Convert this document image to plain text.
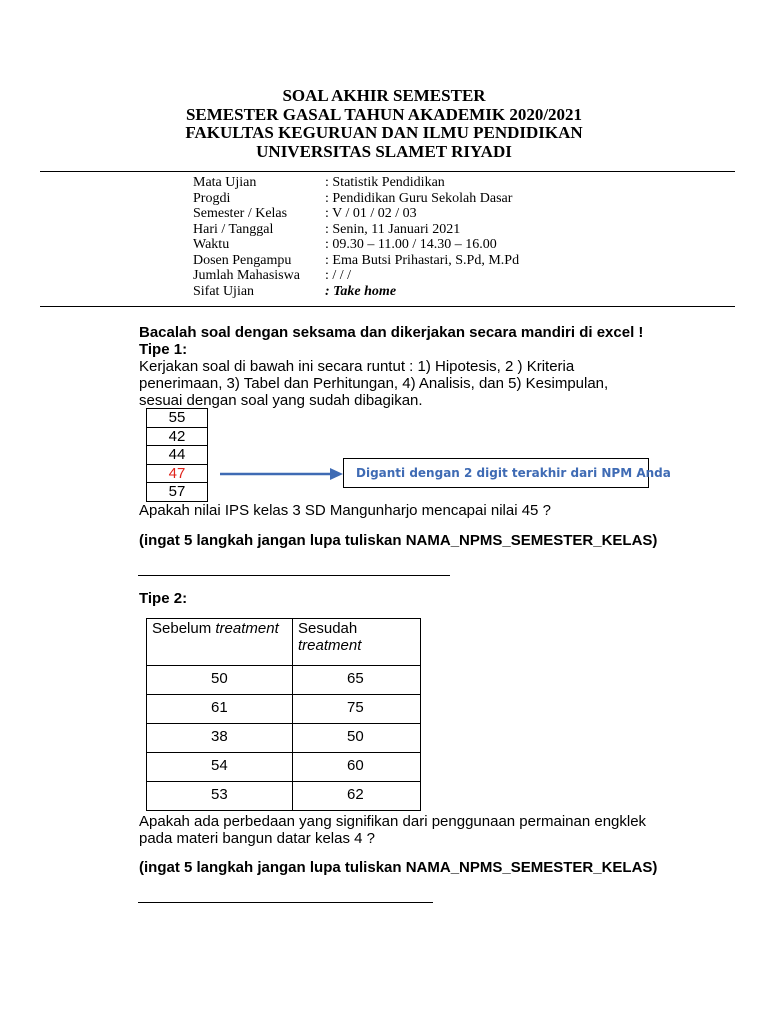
SOAL AKHIR SEMESTER
SEMESTER GASAL TAHUN AKADEMIK 2020/2021
FAKULTAS KEGURUAN DAN ILMU PENDIDIKAN
UNIVERSITAS SLAMET RIYADI
Mata Ujian	: Statistik Pendidikan
Progdi	: Pendidikan Guru Sekolah Dasar
Semester / Kelas	: V / 01 / 02 / 03
Hari / Tanggal	: Senin, 11 Januari 2021
Waktu	: 09.30 – 11.00 / 14.30 – 16.00
Dosen Pengampu : Ema Butsi Prihastari, S.Pd, M.Pd
Jumlah Mahasiswa : / / /
Sifat Ujian	: Take home
Bacalah soal dengan seksama dan dikerjakan secara mandiri di excel !
Tipe 1:
Kerjakan soal di bawah ini secara runtut : 1) Hipotesis, 2 ) Kriteria
penerimaan, 3) Tabel dan Perhitungan, 4) Analisis, dan 5) Kesimpulan,
sesuai dengan soal yang sudah dibagikan.
55
42
44
47
57
Diganti dengan 2 digit terakhir dari NPM Anda
Apakah nilai IPS kelas 3 SD Mangunharjo mencapai nilai 45 ?
(ingat 5 langkah jangan lupa tuliskan NAMA_NPMS_SEMESTER_KELAS)
Tipe 2:
Sebelum treatment	Sesudah
treatment

50	65

61	75

38	50

54	60

53	62
Apakah ada perbedaan yang signifikan dari penggunaan permainan engklek
pada materi bangun datar kelas 4 ?
(ingat 5 langkah jangan lupa tuliskan NAMA_NPMS_SEMESTER_KELAS)
